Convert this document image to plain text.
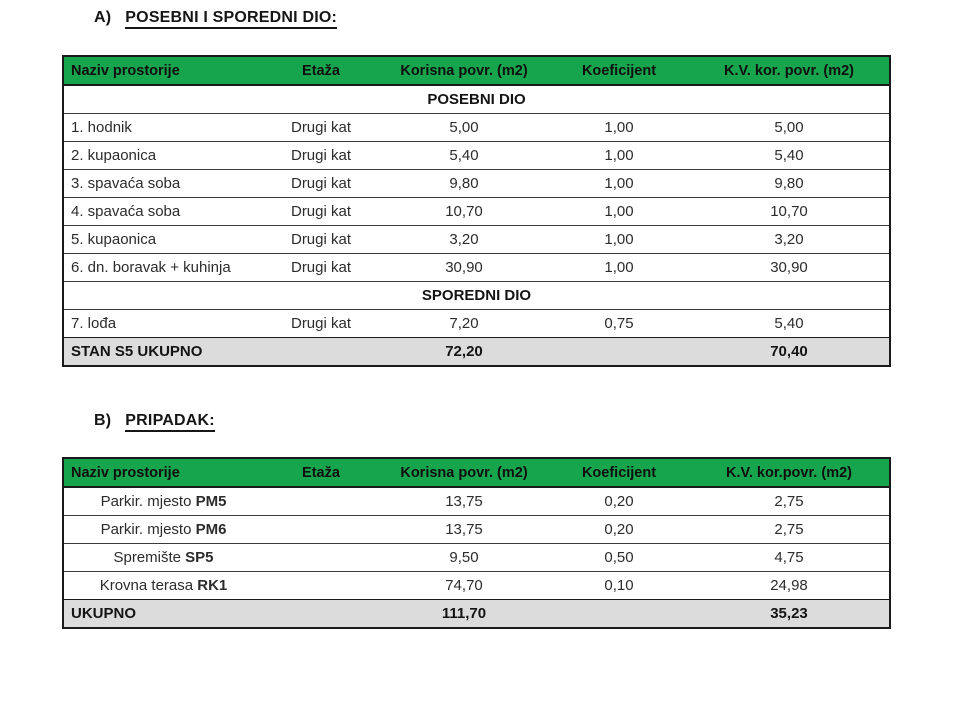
A) POSEBNI I SPOREDNI DIO:
Naziv prostorije	Etaža	Korisna povr. (m2)	Koeficijent	K.V. kor. povr. (m2)
POSEBNI DIO				
1. hodnik	Drugi kat	5,00	1,00	5,00
2. kupaonica	Drugi kat	5,40	1,00	5,40
3. spavaća soba	Drugi kat	9,80	1,00	9,80
4. spavaća soba	Drugi kat	10,70	1,00	10,70
5. kupaonica	Drugi kat	3,20	1,00	3,20
6. dn. boravak + kuhinja	Drugi kat	30,90	1,00	30,90
SPOREDNI DIO				
7. lođa	Drugi kat	7,20	0,75	5,40
STAN S5 UKUPNO		72,20		70,40
B) PRIPADAK:
Naziv prostorije	Etaža	Korisna povr. (m2)	Koeficijent	K.V. kor.povr. (m2)
Parkir. mjesto PM5		13,75	0,20	2,75
Parkir. mjesto PM6		13,75	0,20	2,75
Spremište SP5		9,50	0,50	4,75
Krovna terasa RK1		74,70	0,10	24,98
UKUPNO		111,70		35,23
